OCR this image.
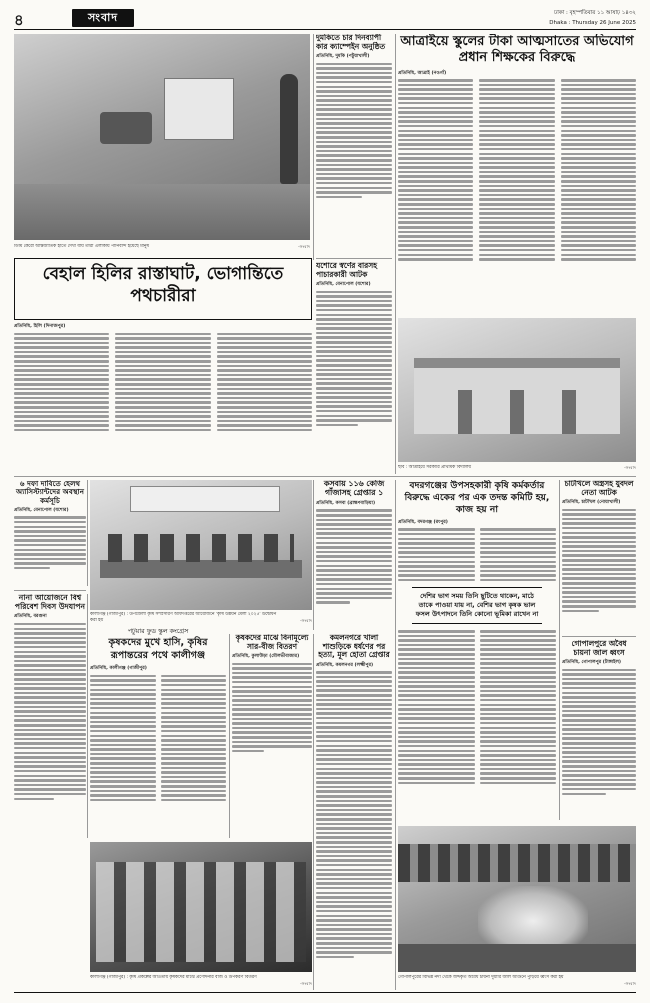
৪	সংবাদ	ঢাকা : বৃহস্পতিবার ১১ আষাঢ় ১৪৩২
Dhaka : Thursday 26 June 2025
ডিমি কেরো আন্তর্জাতিক হাতে দেখা যায় তারা এলাকায় পানিবন্দি হয়েছে মানুষ	-সংবাদ
দুমকিতে চার দিনব্যাপী কার ক্যাম্পেইন অনুষ্ঠিত
প্রতিনিধি, দুমকি (পটুয়াখালী)
আত্রাইয়ে স্কুলের টাকা আত্মসাতের অভিযোগ প্রধান শিক্ষকের বিরুদ্ধে
প্রতিনিধি, আত্রাই (নওগাঁ)
বেহাল হিলির রাস্তাঘাট, ভোগান্তিতে পথচারীরা
প্রতিনিধি, হিলি (দিনাজপুর)
যশোরে স্বর্ণের বারসহ পাচারকারী আটক
প্রতিনিধি, বেনাপোল (যশোর)
ছবি : আত্রাইয়ে সরকারি প্রাথমিক বিদ্যালয়	-সংবাদ
৬ দফা দাবিতে হেলথ অ্যাসিস্ট্যান্টদের অবস্থান কর্মসূচি
প্রতিনিধি, বেনাপোল (যশোর)
কালীগঞ্জ (গাজীপুর) : উপজেলা কৃষি সম্প্রসারণ অধিদপ্তরের আয়োজনে 'কৃষি উন্নয়ন মেলা ২০২৫' উদ্বোধন করা হয়	-সংবাদ
কসবায় ১১৬ কেজি গাঁজাসহ গ্রেপ্তার ১
প্রতিনিধি, কসবা (ব্রাহ্মণবাড়িয়া)
বদরগঞ্জের উপসহকারী কৃষি কর্মকর্তার বিরুদ্ধে একের পর এক তদন্ত কমিটি হয়, কাজ হয় না
প্রতিনিধি, বদরগঞ্জ (রংপুর)
দেশির ভাগ সময় তিনি ছুটিতে থাকেন, মাঠে তাকে পাওয়া যায় না, বেশির ভাগ কৃষক ভাল ফসল উৎপাদনে তিনি কোনো ভূমিকা রাখেন না
চাটখিলে অস্ত্রসহ যুবদল নেতা আটক
প্রতিনিধি, চাটখিল (নোয়াখালী)
গোপালপুরে অবৈধ চায়না জাল ধ্বংস
প্রতিনিধি, গোপালপুর (টাঙ্গাইল)
পটুয়ার ফুড স্কুল কংগ্রেস
কৃষকদের মুখে হাসি, কৃষির রূপান্তরের পথে কালীগঞ্জ
প্রতিনিধি, কালীগঞ্জ (গাজীপুর)
কৃষকদের মাঝে বিনামূল্যে সার-বীজ বিতরণ
প্রতিনিধি, কুলাউড়া (মৌলভীবাজার)
কমলনগরে খালা শাশুড়িকে ধর্ষণের পর হত্যা, মূল হোতা গ্রেপ্তার
প্রতিনিধি, কমলনগর (লক্ষ্মীপুর)
নানা আয়োজনে বিশ্ব পরিবেশ দিবস উদযাপন
প্রতিনিধি, বরগুনা
কালীগঞ্জ (গাজীপুর) : কৃষি প্রকল্পের আওতায় কৃষকদের মাঝে প্রণোদনার বীজ ও উপকরণ বিতরণ
-সংবাদ
গোপালপুরের বিভিন্ন নদী থেকে জব্দকৃত অবৈধ চায়না দুয়ারি জাল আগুনে পুড়িয়ে ধ্বংস করা হয়
-সংবাদ
